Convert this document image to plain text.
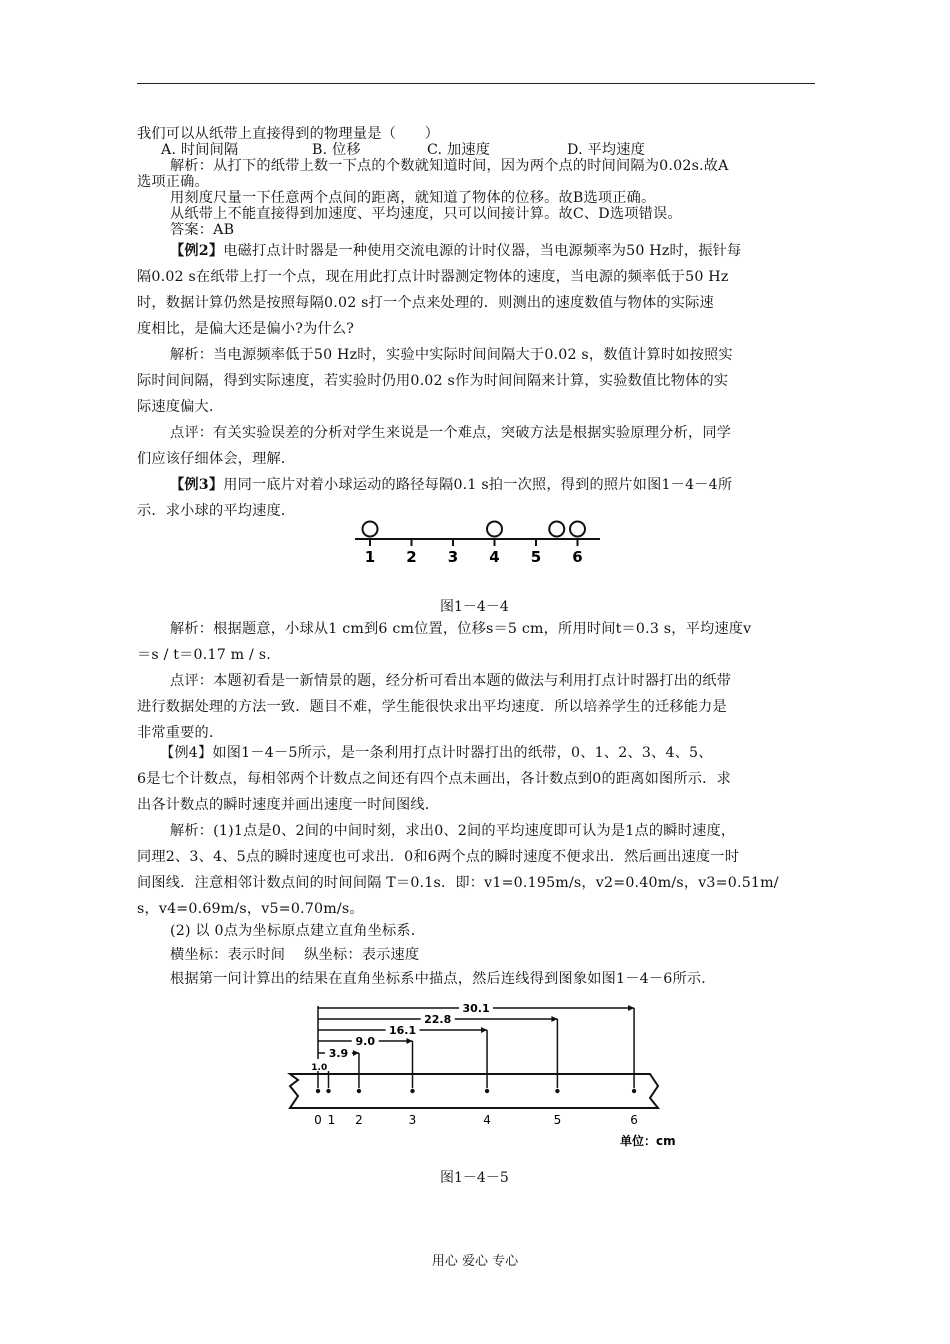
我们可以从纸带上直接得到的物理量是（　　）
A. 时间间隔	B. 位移	C. 加速度	D. 平均速度
解析：从打下的纸带上数一下点的个数就知道时间，因为两个点的时间间隔为0.02s.故A
选项正确。
用刻度尺量一下任意两个点间的距离，就知道了物体的位移。故B选项正确。
从纸带上不能直接得到加速度、平均速度，只可以间接计算。故C、D选项错误。
答案：AB
【例2】电磁打点计时器是一种使用交流电源的计时仪器，当电源频率为50 Hz时，振针每
隔0.02 s在纸带上打一个点，现在用此打点计时器测定物体的速度，当电源的频率低于50 Hz
时，数据计算仍然是按照每隔0.02 s打一个点来处理的．则测出的速度数值与物体的实际速
度相比，是偏大还是偏小?为什么?
解析：当电源频率低于50 Hz时，实验中实际时间间隔大于0.02 s，数值计算时如按照实
际时间间隔，得到实际速度，若实验时仍用0.02 s作为时间间隔来计算，实验数值比物体的实
际速度偏大．
点评：有关实验误差的分析对学生来说是一个难点，突破方法是根据实验原理分析，同学
们应该仔细体会，理解．
【例3】用同一底片对着小球运动的路径每隔0.1 s拍一次照，得到的照片如图1－4－4所
示．求小球的平均速度．
1 2 3 4 5 6
图1－4－4
解析：根据题意，小球从1 cm到6 cm位置，位移s＝5 cm，所用时间t＝0.3 s，平均速度v
＝s / t＝0.17 m / s.
点评：本题初看是一新情景的题，经分析可看出本题的做法与利用打点计时器打出的纸带
进行数据处理的方法一致．题目不难，学生能很快求出平均速度．所以培养学生的迁移能力是
非常重要的．
【例4】如图1－4－5所示，是一条利用打点计时器打出的纸带，0、1、2、3、4、5、
6是七个计数点，每相邻两个计数点之间还有四个点未画出，各计数点到0的距离如图所示．求
出各计数点的瞬时速度并画出速度一时间图线．
解析：(1)1点是0、2间的中间时刻，求出0、2间的平均速度即可认为是1点的瞬时速度，
同理2、3、4、5点的瞬时速度也可求出．0和6两个点的瞬时速度不便求出．然后画出速度一时
间图线．注意相邻计数点间的时间间隔 T＝0.1s．即：v1=0.195m/s，v2=0.40m/s，v3=0.51m/
s，v4=0.69m/s，v5=0.70m/s。
(2) 以 0点为坐标原点建立直角坐标系．
横坐标：表示时间　 纵坐标：表示速度
根据第一问计算出的结果在直角坐标系中描点，然后连线得到图象如图1－4－6所示．
1.0
3.9
9.0
16.1
22.8
30.1
0 1 2	3	4	5	6
单位：cm
图1－4－5
用心 爱心 专心
